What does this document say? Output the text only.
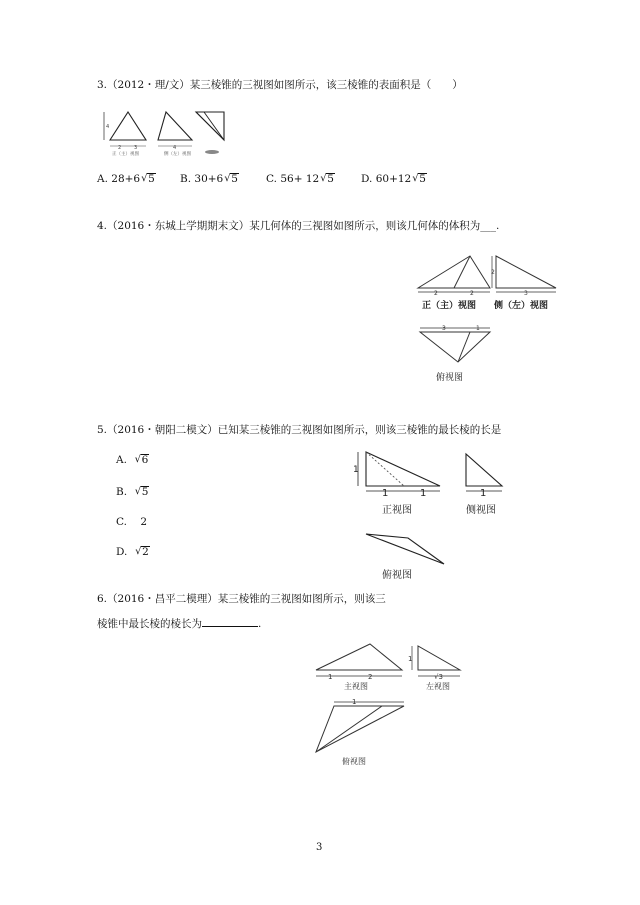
3.（2012・理/文）某三棱锥的三视图如图所示，该三棱锥的表面积是（　　）
4
2	3
正（主）视图
4
侧（左）视图
A. 28+6 √ 5 B. 30+6 √ 5	C. 56+ 12 √ 5	D. 60+12 √ 5
4.（2016・东城上学期期末文）某几何体的三视图如图所示，则该几何体的体积为___.
2	2
正（主）视图
2
3
侧（左）视图
3	1
俯视图
5.（2016・朝阳二模文）已知某三棱锥的三视图如图所示，则该三棱锥的最长棱的长是
A. √ 6
B. √ 5
C. 2
D. √ 2
1
1	1
正视图
1
侧视图
俯视图
6.（2016・昌平二模理）某三棱锥的三视图如图所示，则该三
棱锥中最长棱的棱长为	.
1	2
主视图
1
√3
左视图
1
俯视图
3
